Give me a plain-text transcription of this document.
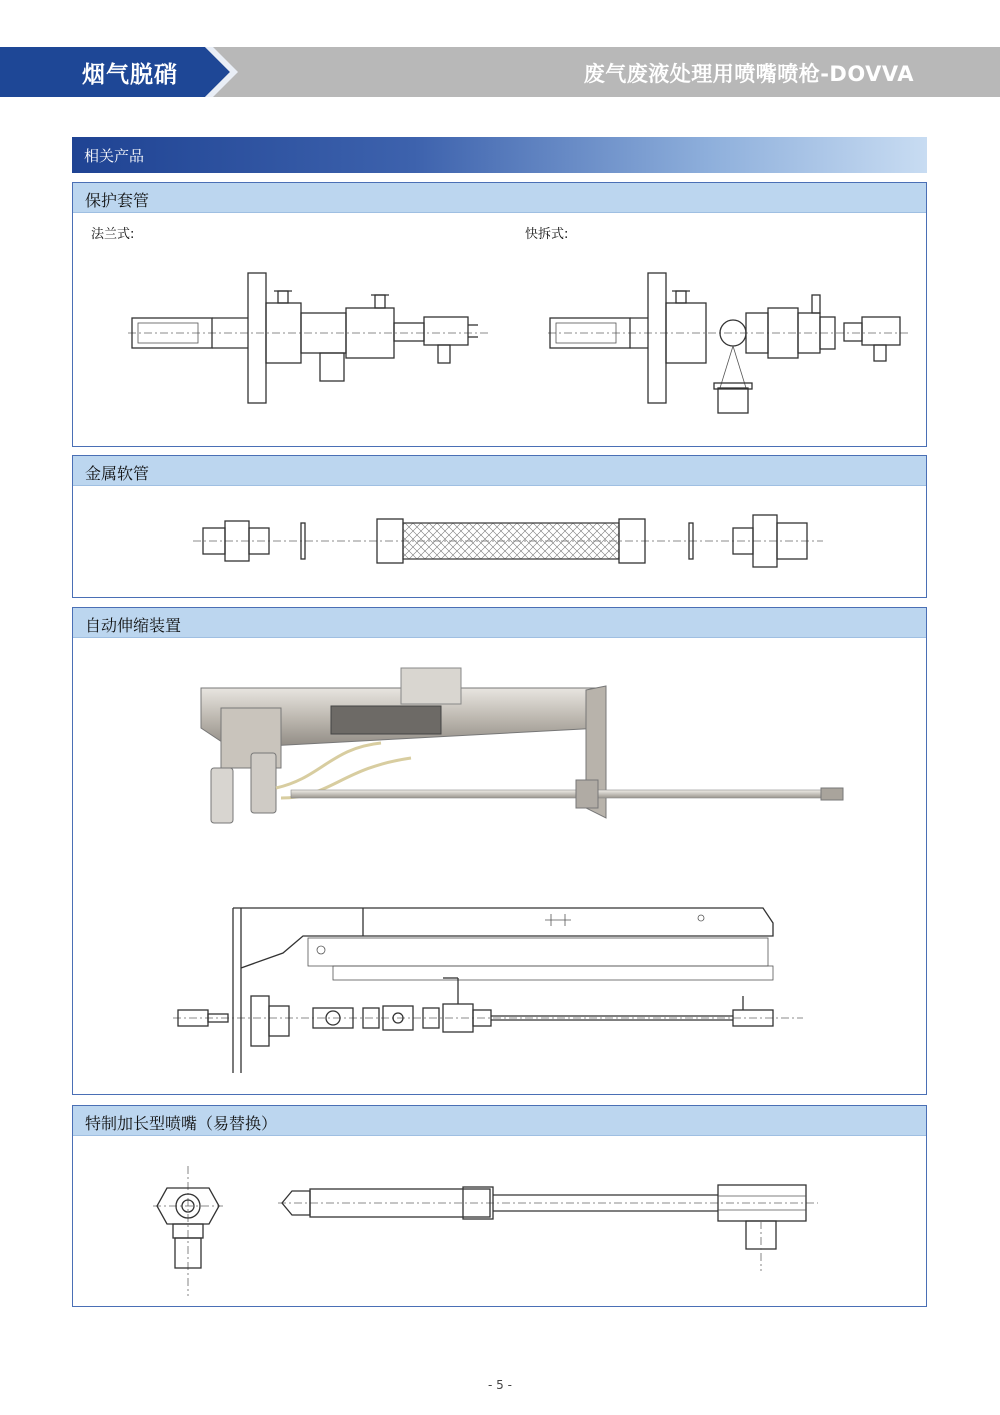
烟气脱硝	废气废液处理用喷嘴喷枪-DOVVA
相关产品
保护套管
法兰式:	快拆式:
金属软管
自动伸缩装置
特制加长型喷嘴（易替换）
- 5 -
